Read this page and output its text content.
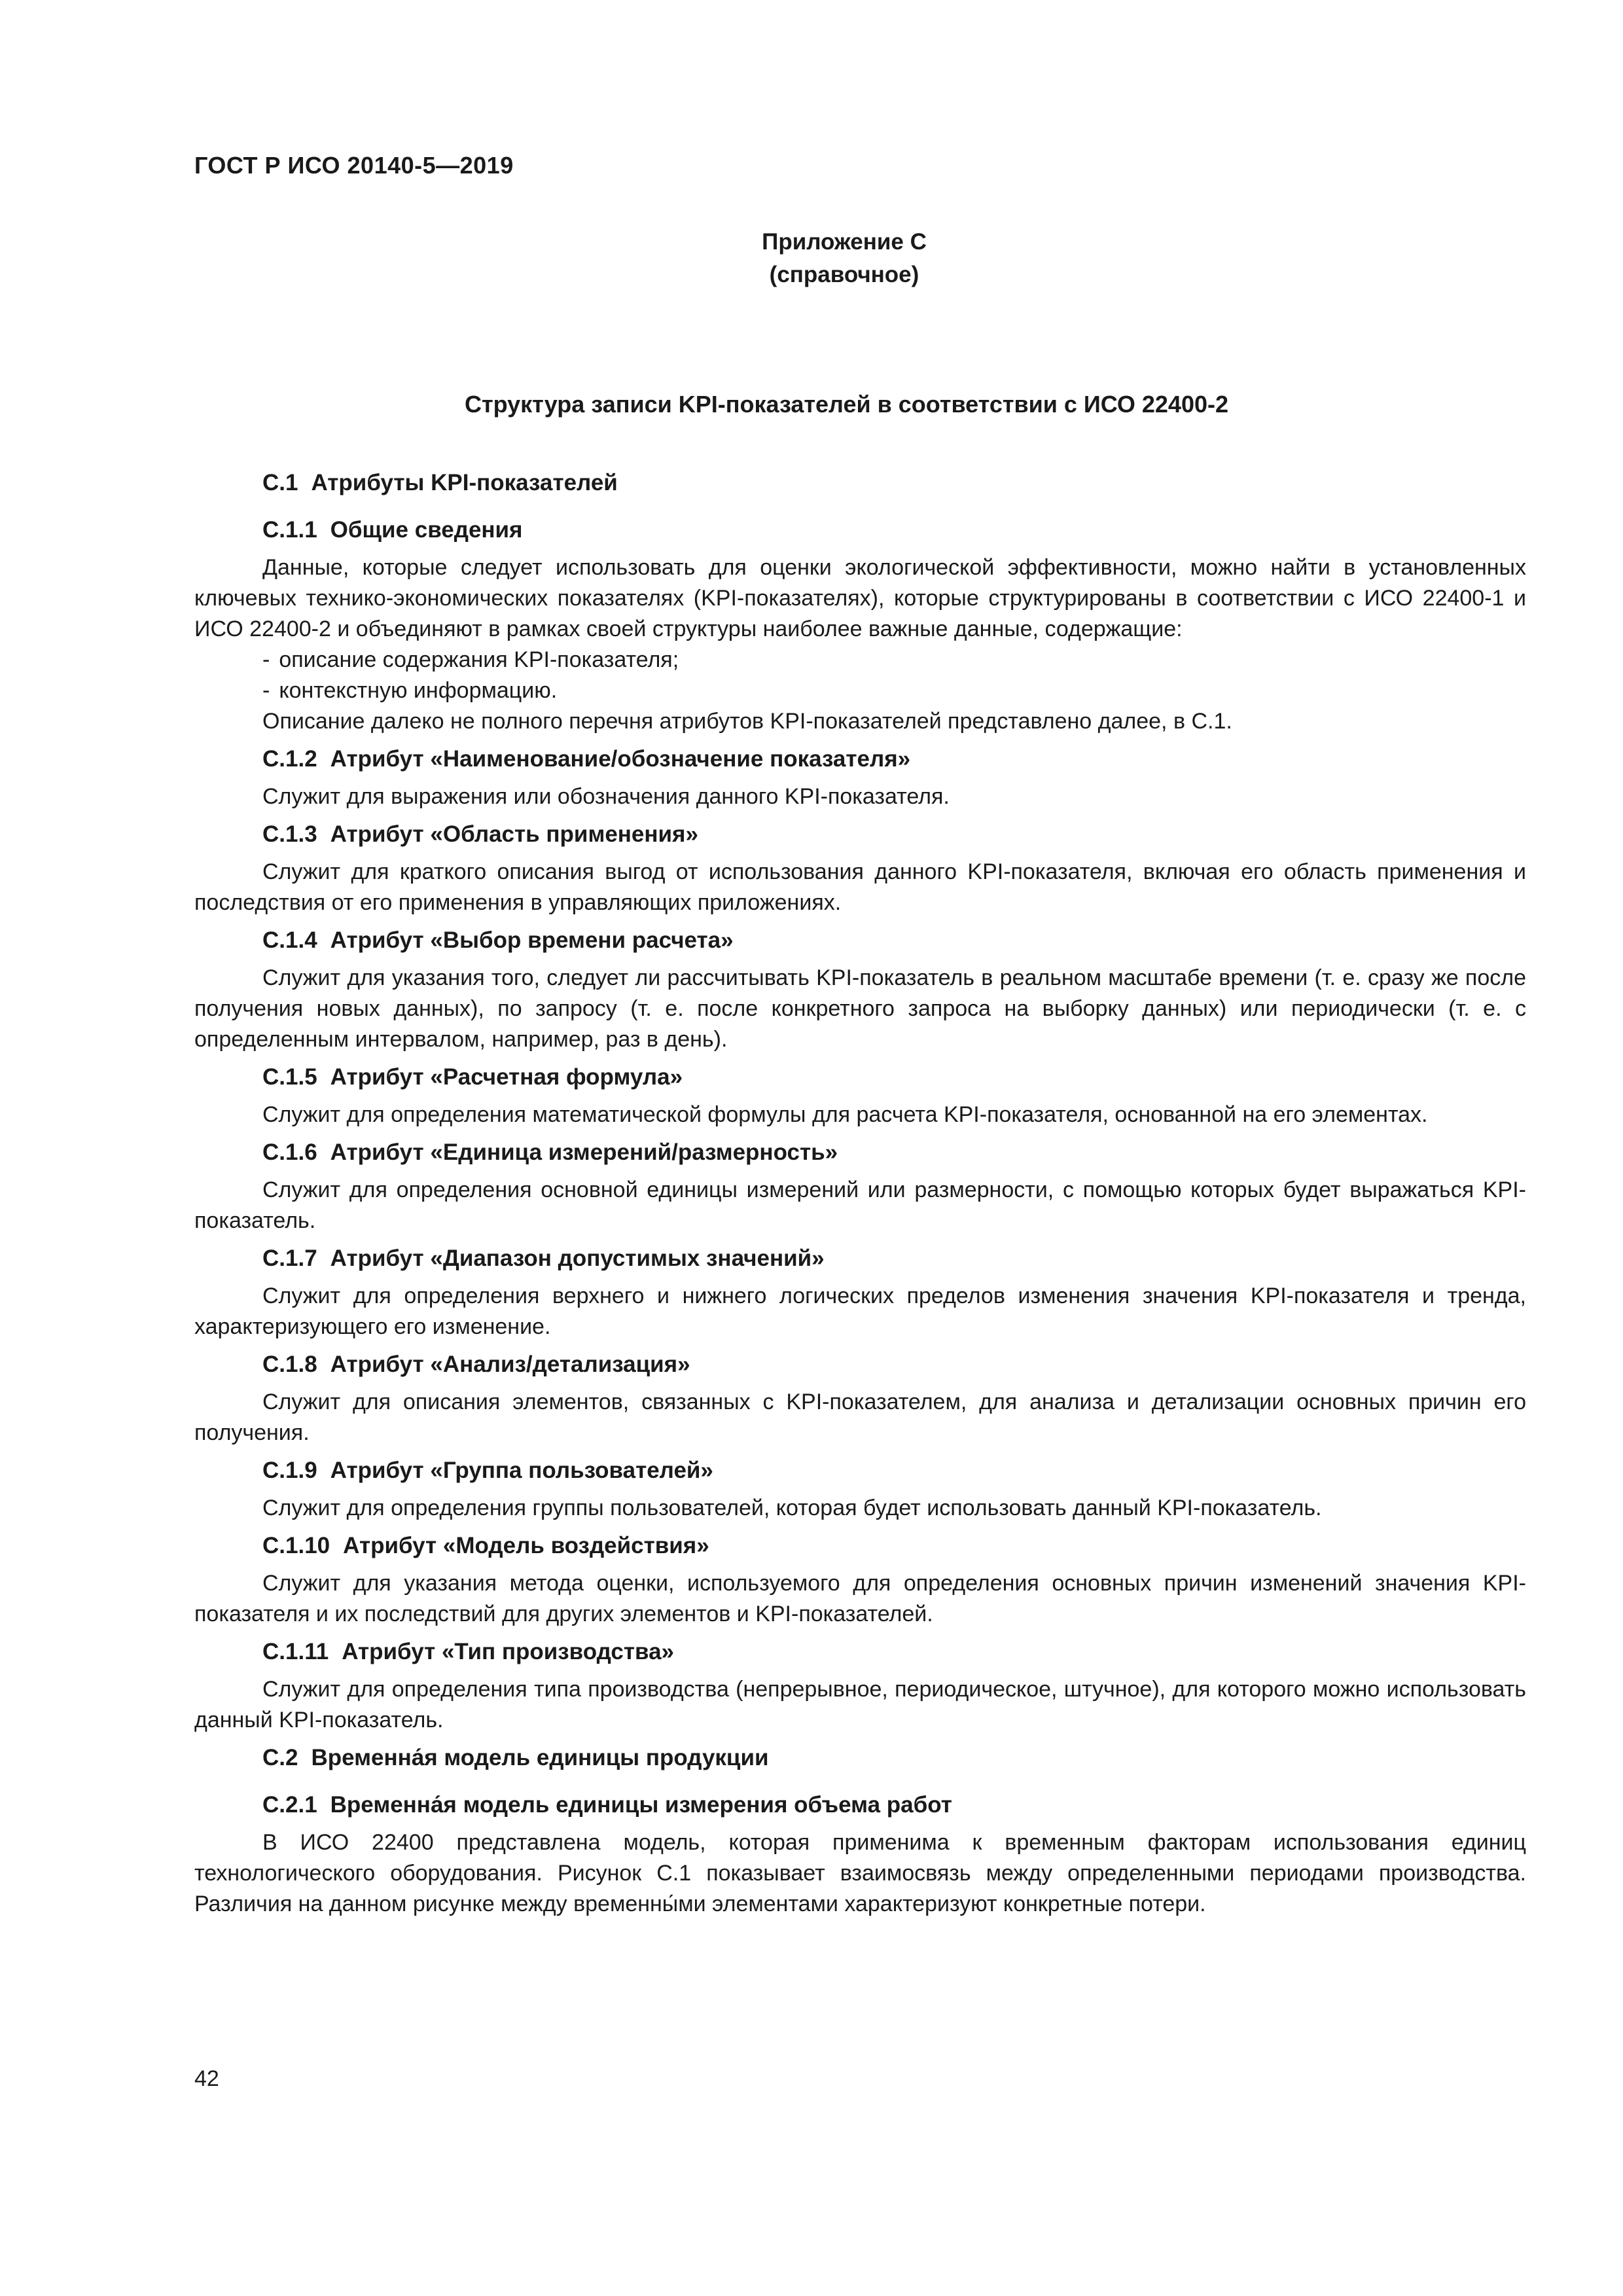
ГОСТ Р ИСО 20140-5—2019
Приложение С
(справочное)
Структура записи KPI-показателей в соответствии с ИСО 22400-2
С.1 Атрибуты KPI-показателей
С.1.1 Общие сведения
Данные, которые следует использовать для оценки экологической эффективности, можно найти в установленных ключевых технико-экономических показателях (KPI-показателях), которые структурированы в соответствии с ИСО 22400-1 и ИСО 22400-2 и объединяют в рамках своей структуры наиболее важные данные, содержащие:
- описание содержания KPI-показателя;
- контекстную информацию.
Описание далеко не полного перечня атрибутов KPI-показателей представлено далее, в С.1.
С.1.2 Атрибут «Наименование/обозначение показателя»
Служит для выражения или обозначения данного KPI-показателя.
С.1.3 Атрибут «Область применения»
Служит для краткого описания выгод от использования данного KPI-показателя, включая его область применения и последствия от его применения в управляющих приложениях.
С.1.4 Атрибут «Выбор времени расчета»
Служит для указания того, следует ли рассчитывать KPI-показатель в реальном масштабе времени (т. е. сразу же после получения новых данных), по запросу (т. е. после конкретного запроса на выборку данных) или периодически (т. е. с определенным интервалом, например, раз в день).
С.1.5 Атрибут «Расчетная формула»
Служит для определения математической формулы для расчета KPI-показателя, основанной на его элементах.
С.1.6 Атрибут «Единица измерений/размерность»
Служит для определения основной единицы измерений или размерности, с помощью которых будет выражаться KPI-показатель.
С.1.7 Атрибут «Диапазон допустимых значений»
Служит для определения верхнего и нижнего логических пределов изменения значения KPI-показателя и тренда, характеризующего его изменение.
С.1.8 Атрибут «Анализ/детализация»
Служит для описания элементов, связанных с KPI-показателем, для анализа и детализации основных причин его получения.
С.1.9 Атрибут «Группа пользователей»
Служит для определения группы пользователей, которая будет использовать данный KPI-показатель.
С.1.10 Атрибут «Модель воздействия»
Служит для указания метода оценки, используемого для определения основных причин изменений значения KPI-показателя и их последствий для других элементов и KPI-показателей.
С.1.11 Атрибут «Тип производства»
Служит для определения типа производства (непрерывное, периодическое, штучное), для которого можно использовать данный KPI-показатель.
С.2 Временна́я модель единицы продукции
С.2.1 Временна́я модель единицы измерения объема работ
В ИСО 22400 представлена модель, которая применима к временным факторам использования единиц технологического оборудования. Рисунок С.1 показывает взаимосвязь между определенными периодами производства. Различия на данном рисунке между временны́ми элементами характеризуют конкретные потери.
42
